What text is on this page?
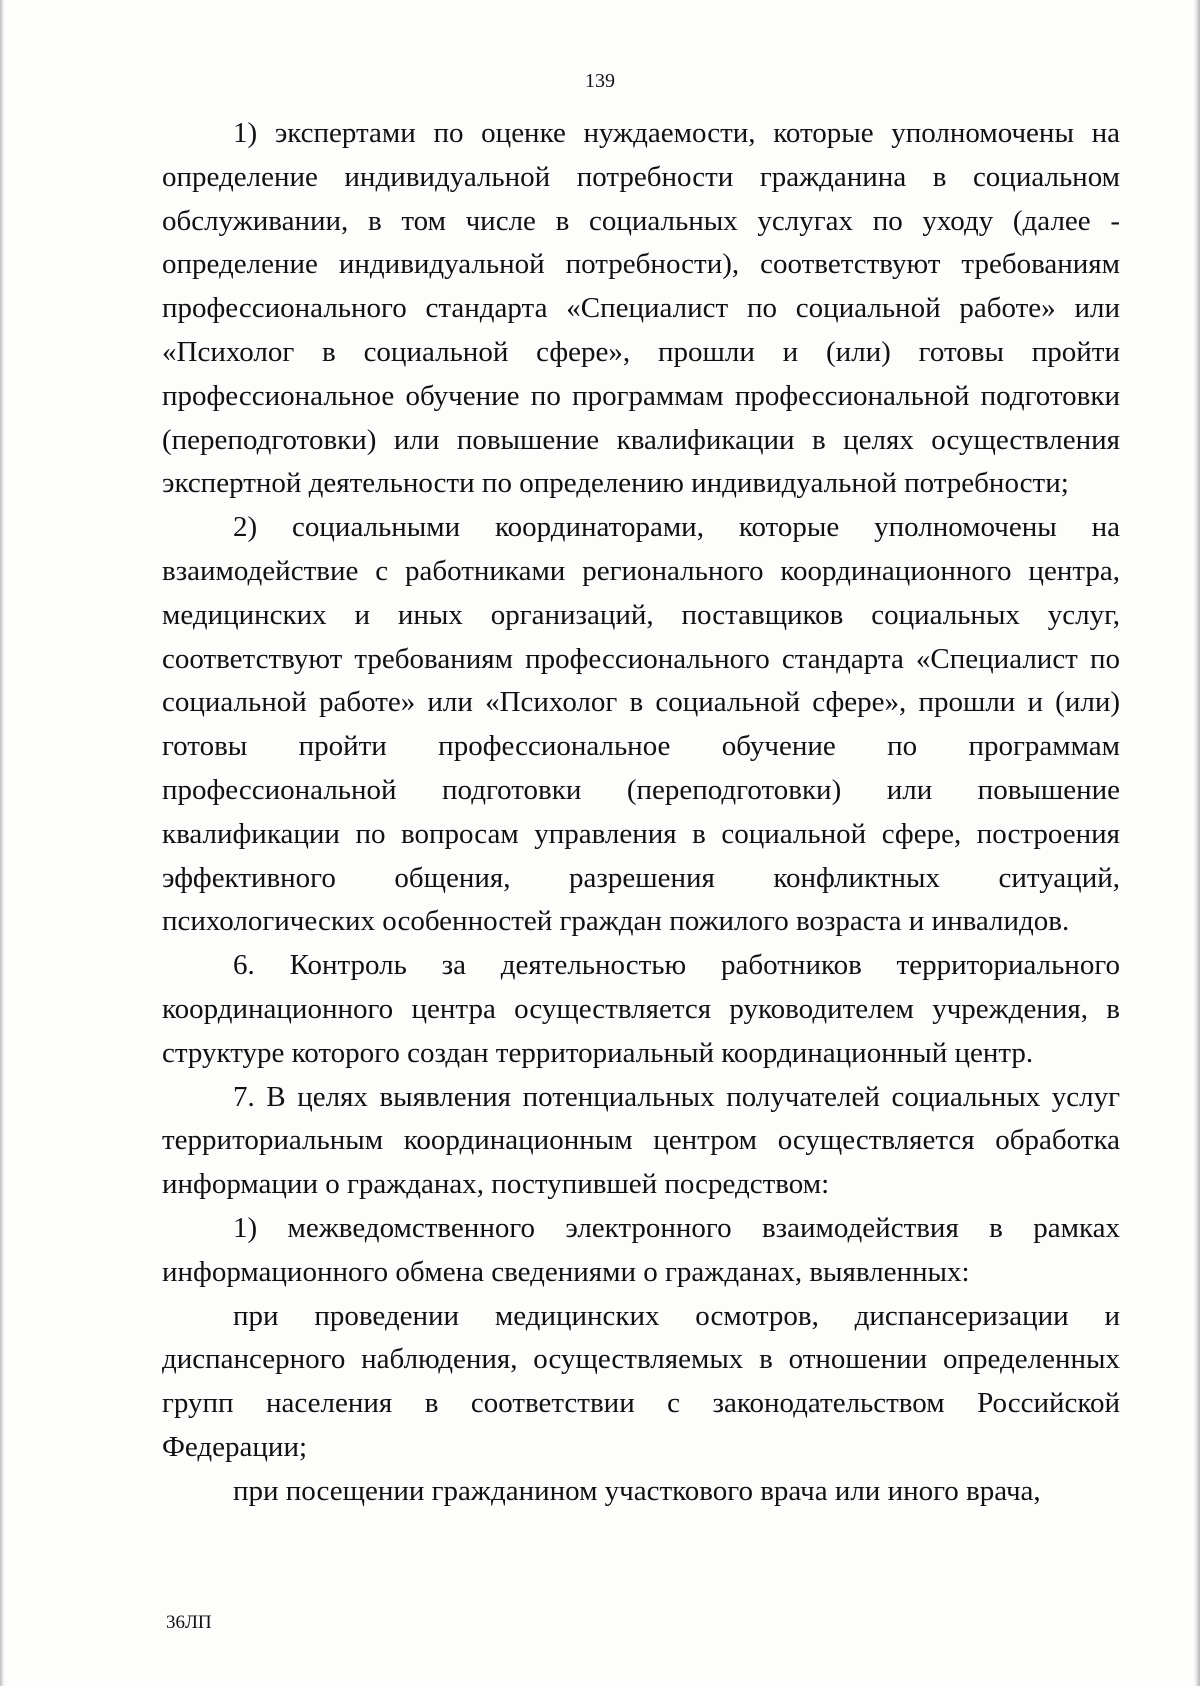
139

1) экспертами по оценке нуждаемости, которые уполномочены на определение индивидуальной потребности гражданина в социальном обслуживании, в том числе в социальных услугах по уходу (далее - определение индивидуальной потребности), соответствуют требованиям профессионального стандарта «Специалист по социальной работе» или «Психолог в социальной сфере», прошли и (или) готовы пройти профессиональное обучение по программам профессиональной подготовки (переподготовки) или повышение квалификации в целях осуществления экспертной деятельности по определению индивидуальной потребности;

2) социальными координаторами, которые уполномочены на взаимодействие с работниками регионального координационного центра, медицинских и иных организаций, поставщиков социальных услуг, соответствуют требованиям профессионального стандарта «Специалист по социальной работе» или «Психолог в социальной сфере», прошли и (или) готовы пройти профессиональное обучение по программам профессиональной подготовки (переподготовки) или повышение квалификации по вопросам управления в социальной сфере, построения эффективного общения, разрешения конфликтных ситуаций, психологических особенностей граждан пожилого возраста и инвалидов.

6. Контроль за деятельностью работников территориального координационного центра осуществляется руководителем учреждения, в структуре которого создан территориальный координационный центр.

7. В целях выявления потенциальных получателей социальных услуг территориальным координационным центром осуществляется обработка информации о гражданах, поступившей посредством:

1) межведомственного электронного взаимодействия в рамках информационного обмена сведениями о гражданах, выявленных:

при проведении медицинских осмотров, диспансеризации и диспансерного наблюдения, осуществляемых в отношении определенных групп населения в соответствии с законодательством Российской Федерации;

при посещении гражданином участкового врача или иного врача,

36ЛП
